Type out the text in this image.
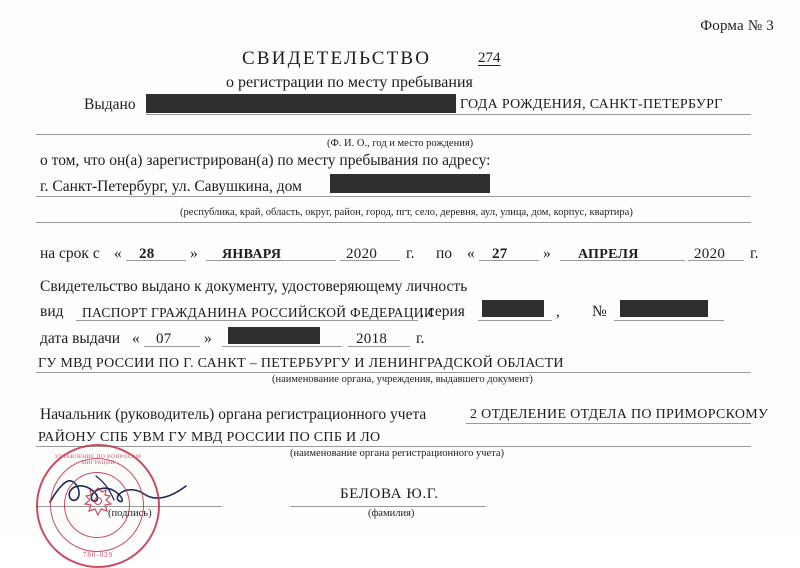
Форма № 3
СВИДЕТЕЛЬСТВО	274
о регистрации по месту пребывания
Выдано	ГОДА РОЖДЕНИЯ, САНКТ-ПЕТЕРБУРГ
(Ф. И. О., год и место рождения)
о том, что он(а) зарегистрирован(а) по месту пребывания по адресу:
г. Санкт-Петербург, ул. Савушкина, дом
(республика, край, область, округ, район, город, пгт, село, деревня, аул, улица, дом, корпус, квартира)
на срок с « 28 » ЯНВАРЯ	2020 г. по « 27 » АПРЕЛЯ	2020 г.
Свидетельство выдано к документу, удостоверяющему личность
вид ПАСПОРТ ГРАЖДАНИНА РОССИЙСКОЙ ФЕДЕРАЦИИ
, серия	, №
дата выдачи « 07 »	2018 г.
ГУ МВД РОССИИ ПО Г. САНКТ – ПЕТЕРБУРГУ И ЛЕНИНГРАДСКОЙ ОБЛАСТИ
(наименование органа, учреждения, выдавшего документ)
Начальник (руководитель) органа регистрационного учета	2 ОТДЕЛЕНИЕ ОТДЕЛА ПО ПРИМОРСКОМУ
РАЙОНУ СПБ УВМ ГУ МВД РОССИИ ПО СПБ И ЛО
(наименование органа регистрационного учета)
(подпись)
БЕЛОВА Ю.Г.
(фамилия)
УПРАВЛЕНИЕ ПО ВОПРОСАМ МИГРАЦИИ
780-029
